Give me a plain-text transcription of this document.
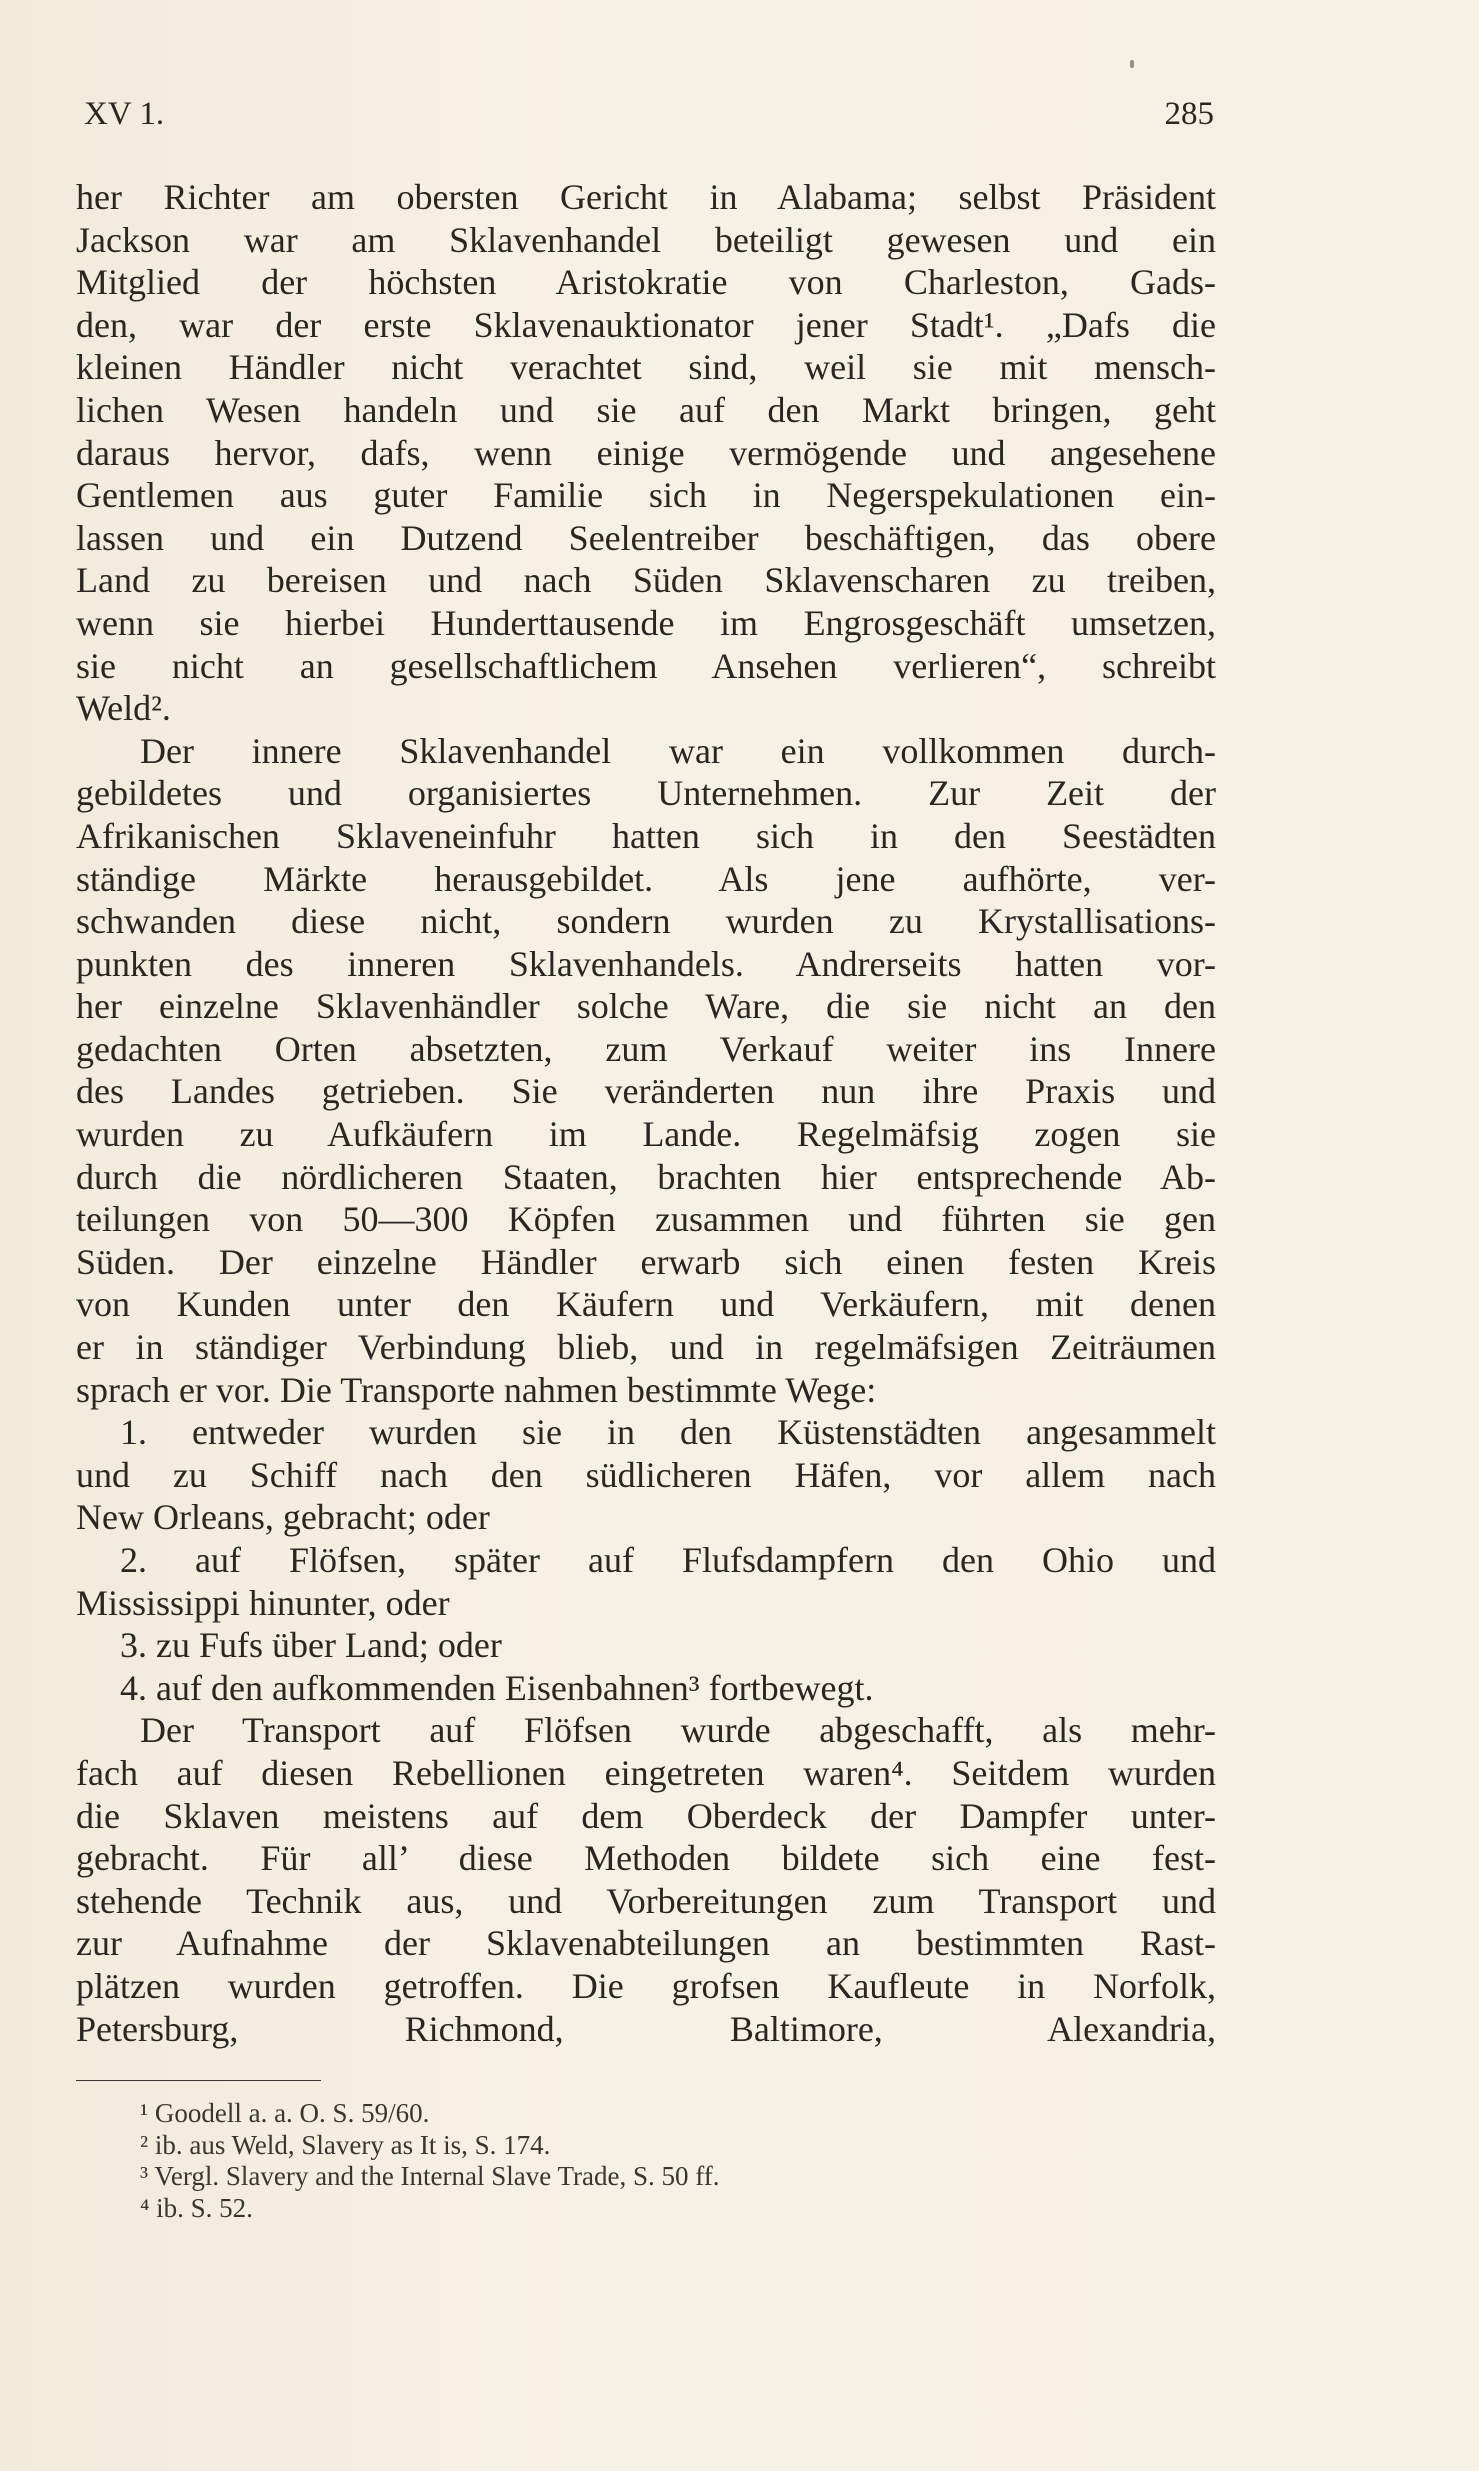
XV 1.	285
her Richter am obersten Gericht in Alabama; selbst Präsident
Jackson war am Sklavenhandel beteiligt gewesen und ein
Mitglied der höchsten Aristokratie von Charleston, Gads-
den, war der erste Sklavenauktionator jener Stadt¹. „Dafs die
kleinen Händler nicht verachtet sind, weil sie mit mensch-
lichen Wesen handeln und sie auf den Markt bringen, geht
daraus hervor, dafs, wenn einige vermögende und angesehene
Gentlemen aus guter Familie sich in Negerspekulationen ein-
lassen und ein Dutzend Seelentreiber beschäftigen, das obere
Land zu bereisen und nach Süden Sklavenscharen zu treiben,
wenn sie hierbei Hunderttausende im Engrosgeschäft umsetzen,
sie nicht an gesellschaftlichem Ansehen verlieren“, schreibt
Weld².
Der innere Sklavenhandel war ein vollkommen durch-
gebildetes und organisiertes Unternehmen. Zur Zeit der
Afrikanischen Sklaveneinfuhr hatten sich in den Seestädten
ständige Märkte herausgebildet. Als jene aufhörte, ver-
schwanden diese nicht, sondern wurden zu Krystallisations-
punkten des inneren Sklavenhandels. Andrerseits hatten vor-
her einzelne Sklavenhändler solche Ware, die sie nicht an den
gedachten Orten absetzten, zum Verkauf weiter ins Innere
des Landes getrieben. Sie veränderten nun ihre Praxis und
wurden zu Aufkäufern im Lande. Regelmäfsig zogen sie
durch die nördlicheren Staaten, brachten hier entsprechende Ab-
teilungen von 50—300 Köpfen zusammen und führten sie gen
Süden. Der einzelne Händler erwarb sich einen festen Kreis
von Kunden unter den Käufern und Verkäufern, mit denen
er in ständiger Verbindung blieb, und in regelmäfsigen Zeiträumen
sprach er vor. Die Transporte nahmen bestimmte Wege:
1. entweder wurden sie in den Küstenstädten angesammelt
und zu Schiff nach den südlicheren Häfen, vor allem nach
New Orleans, gebracht; oder
2. auf Flöfsen, später auf Flufsdampfern den Ohio und
Mississippi hinunter, oder
3. zu Fufs über Land; oder
4. auf den aufkommenden Eisenbahnen³ fortbewegt.
Der Transport auf Flöfsen wurde abgeschafft, als mehr-
fach auf diesen Rebellionen eingetreten waren⁴. Seitdem wurden
die Sklaven meistens auf dem Oberdeck der Dampfer unter-
gebracht. Für all’ diese Methoden bildete sich eine fest-
stehende Technik aus, und Vorbereitungen zum Transport und
zur Aufnahme der Sklavenabteilungen an bestimmten Rast-
plätzen wurden getroffen. Die grofsen Kaufleute in Norfolk,
Petersburg, Richmond, Baltimore, Alexandria,
¹ Goodell a. a. O. S. 59/60.
² ib. aus Weld, Slavery as It is, S. 174.
³ Vergl. Slavery and the Internal Slave Trade, S. 50 ff.
⁴ ib. S. 52.
